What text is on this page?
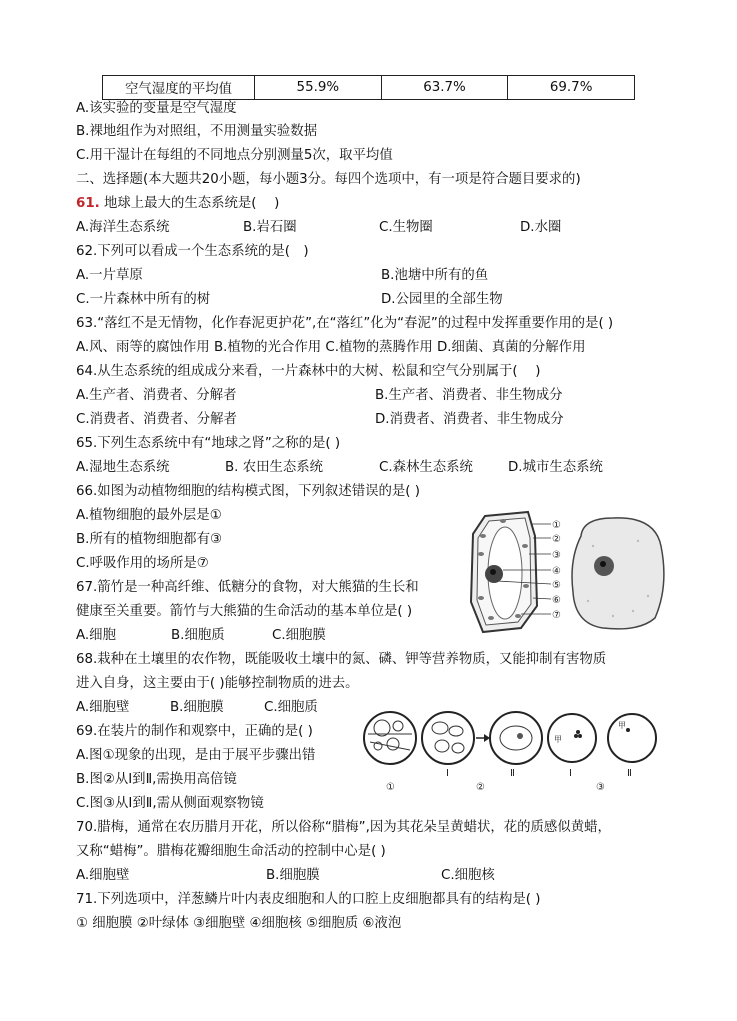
空气湿度的平均值	55.9%	63.7%	69.7%
A.该实验的变量是空气湿度
B.裸地组作为对照组，不用测量实验数据
C.用干湿计在每组的不同地点分别测量5次，取平均值
二、选择题(本大题共20小题，每小题3分。每四个选项中，有一项是符合题目要求的)
61. 地球上最大的生态系统是(　 )
A.海洋生态系统	B.岩石圈	C.生物圈	D.水圈
62.下列可以看成一个生态系统的是(　)
A.一片草原	B.池塘中所有的鱼
C.一片森林中所有的树	D.公园里的全部生物
63.“落红不是无情物，化作春泥更护花”,在“落红”化为“春泥”的过程中发挥重要作用的是( )
A.风、雨等的腐蚀作用 B.植物的光合作用 C.植物的蒸腾作用 D.细菌、真菌的分解作用
64.从生态系统的组成成分来看，一片森林中的大树、松鼠和空气分别属于(　 )
A.生产者、消费者、分解者	B.生产者、消费者、非生物成分
C.消费者、消费者、分解者	D.消费者、消费者、非生物成分
65.下列生态系统中有“地球之肾”之称的是( )
A.湿地生态系统	B. 农田生态系统	C.森林生态系统	D.城市生态系统
66.如图为动植物细胞的结构模式图，下列叙述错误的是( )
A.植物细胞的最外层是①
B.所有的植物细胞都有③
C.呼吸作用的场所是⑦
①
②
③
④
⑤
⑥
⑦
67.箭竹是一种高纤维、低糖分的食物，对大熊猫的生长和
健康至关重要。箭竹与大熊猫的生命活动的基本单位是( )
A.细胞	B.细胞质	C.细胞膜
68.栽种在土壤里的农作物，既能吸收土壤中的氮、磷、钾等营养物质，又能抑制有害物质
进入自身，这主要由于( )能够控制物质的进去。
A.细胞壁	B.细胞膜	C.细胞质
69.在装片的制作和观察中，正确的是( )
A.图①现象的出现，是由于展平步骤出错
B.图②从Ⅰ到Ⅱ,需换用高倍镜
C.图③从Ⅰ到Ⅱ,需从侧面观察物镜
甲
甲
①
Ⅰ
②
Ⅱ	Ⅰ
③
Ⅱ
70.腊梅，通常在农历腊月开花，所以俗称“腊梅”,因为其花朵呈黄蜡状，花的质感似黄蜡，
又称“蜡梅”。腊梅花瓣细胞生命活动的控制中心是( )
A.细胞壁	B.细胞膜	C.细胞核
71.下列选项中，洋葱鳞片叶内表皮细胞和人的口腔上皮细胞都具有的结构是( )
① 细胞膜 ②叶绿体 ③细胞壁 ④细胞核 ⑤细胞质 ⑥液泡
